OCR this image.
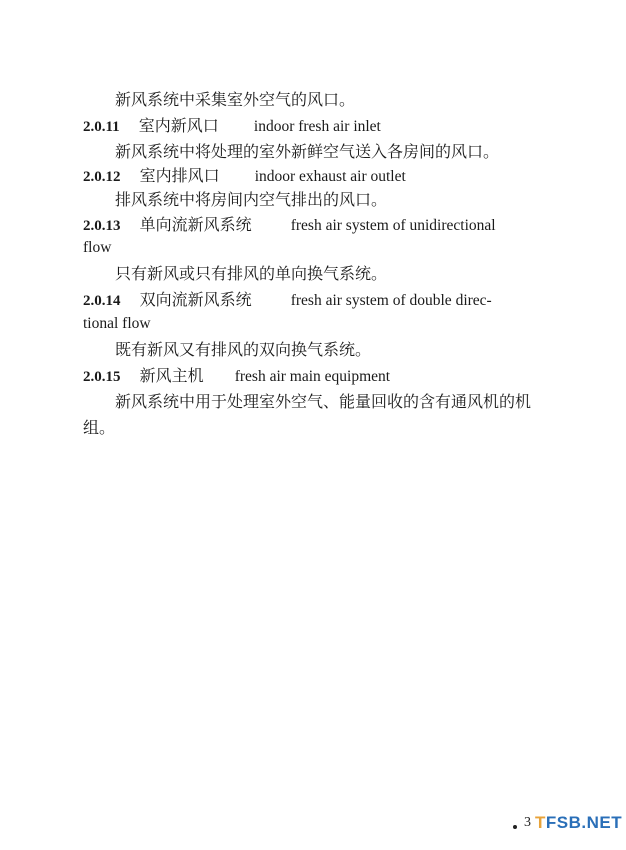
新风系统中采集室外空气的风口。
2.0.11 室内新风口 indoor fresh air inlet
新风系统中将处理的室外新鲜空气送入各房间的风口。
2.0.12 室内排风口 indoor exhaust air outlet
排风系统中将房间内空气排出的风口。
2.0.13 单向流新风系统	fresh air system of unidirectional
flow
只有新风或只有排风的单向换气系统。
2.0.14 双向流新风系统	fresh air system of double direc-
tional flow
既有新风又有排风的双向换气系统。
2.0.15 新风主机 fresh air main equipment
新风系统中用于处理室外空气、能量回收的含有通风机的机
组。
3 TFSB.NET
